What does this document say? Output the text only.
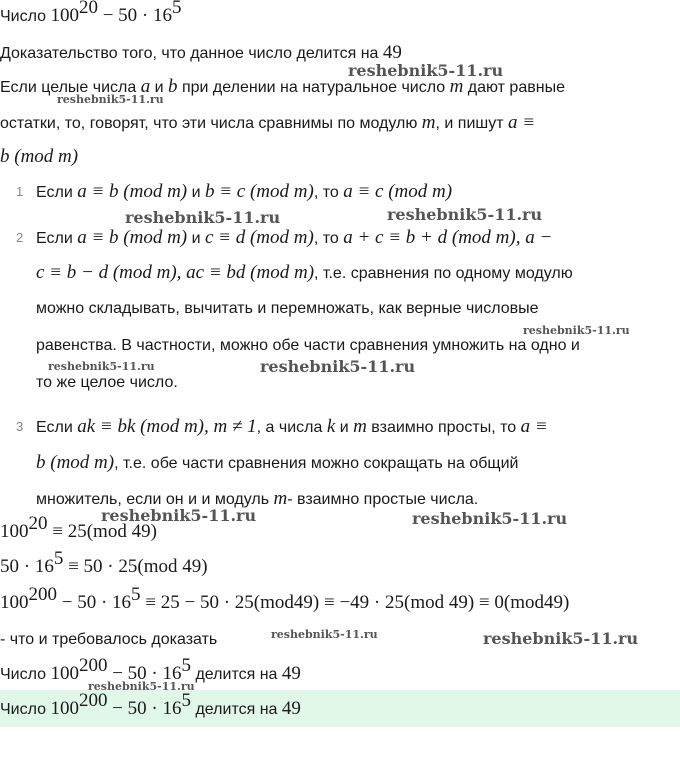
Число $100^{20} - 50 \cdot 16^5$
Доказательство того, что данное число делится на 49
Если целые числа a и b при делении на натуральное число m дают равные
остатки, то, говорят, что эти числа сравнимы по модулю m, и пишут a ≡
b (mod m)
1 Если a ≡ b (mod m) и b ≡ c (mod m), то a ≡ c (mod m)
2 Если a ≡ b (mod m) и c ≡ d (mod m), то a + c ≡ b + d (mod m), a −
c ≡ b − d (mod m), ac ≡ bd (mod m), т.е. сравнения по одному модулю
можно складывать, вычитать и перемножать, как верные числовые
равенства. В частности, можно обе части сравнения умножить на одно и
то же целое число.
3 Если ak ≡ bk (mod m), m ≠ 1, а числа k и m взаимно просты, то a ≡
b (mod m), т.е. обе части сравнения можно сокращать на общий
множитель, если он и и модуль m- взаимно простые числа.
$100^{20} \equiv 25(mod$ 49)
$50 \cdot 16^5 \equiv 50 \cdot 25(mod$ 49)
$100^{200} - 50 \cdot 16^5 \equiv 25 - 50 \cdot 25(mod49) \equiv -49 \cdot 25(mod$ 49) ≡ 0(mod49)
- что и требовалось доказать
Число $100^{200} - 50 \cdot 16^5$ делится на 49
Число $100^{200} - 50 \cdot 16^5$ делится на 49
reshebnik5-11.ru
reshebnik5-11.ru
reshebnik5-11.ru	reshebnik5-11.ru
reshebnik5-11.ru
reshebnik5-11.ru	reshebnik5-11.ru
reshebnik5-11.ru	reshebnik5-11.ru
reshebnik5-11.ru	reshebnik5-11.ru
reshebnik5-11.ru
